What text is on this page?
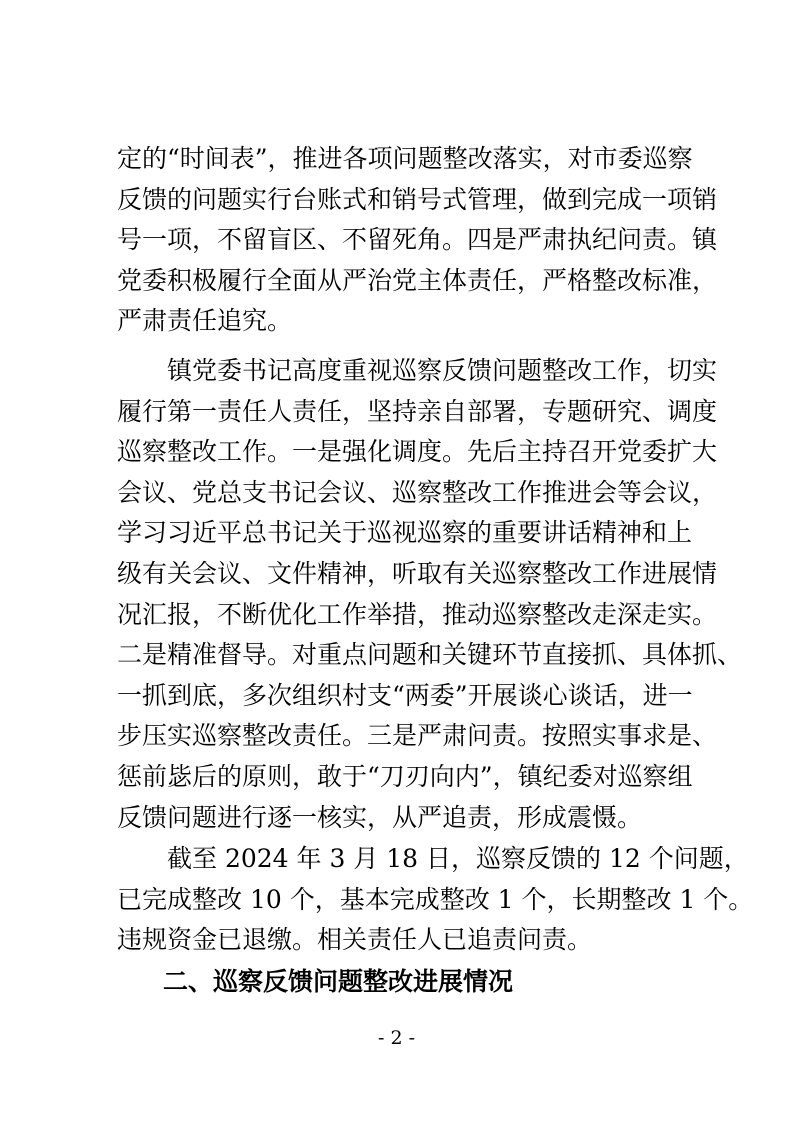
定的“时间表”，推进各项问题整改落实，对市委巡察
反馈的问题实行台账式和销号式管理，做到完成一项销
号一项，不留盲区、不留死角。四是严肃执纪问责。镇
党委积极履行全面从严治党主体责任，严格整改标准，
严肃责任追究。
镇党委书记高度重视巡察反馈问题整改工作，切实
履行第一责任人责任，坚持亲自部署，专题研究、调度
巡察整改工作。一是强化调度。先后主持召开党委扩大
会议、党总支书记会议、巡察整改工作推进会等会议，
学习习近平总书记关于巡视巡察的重要讲话精神和上
级有关会议、文件精神，听取有关巡察整改工作进展情
况汇报，不断优化工作举措，推动巡察整改走深走实。
二是精准督导。对重点问题和关键环节直接抓、具体抓、
一抓到底，多次组织村支“两委”开展谈心谈话，进一
步压实巡察整改责任。三是严肃问责。按照实事求是、
惩前毖后的原则，敢于“刀刃向内”，镇纪委对巡察组
反馈问题进行逐一核实，从严追责，形成震慑。
截至 2024 年 3 月 18 日，巡察反馈的 12 个问题，
已完成整改 10 个，基本完成整改 1 个，长期整改 1 个。
违规资金已退缴。相关责任人已追责问责。
二、巡察反馈问题整改进展情况
- 2 -
